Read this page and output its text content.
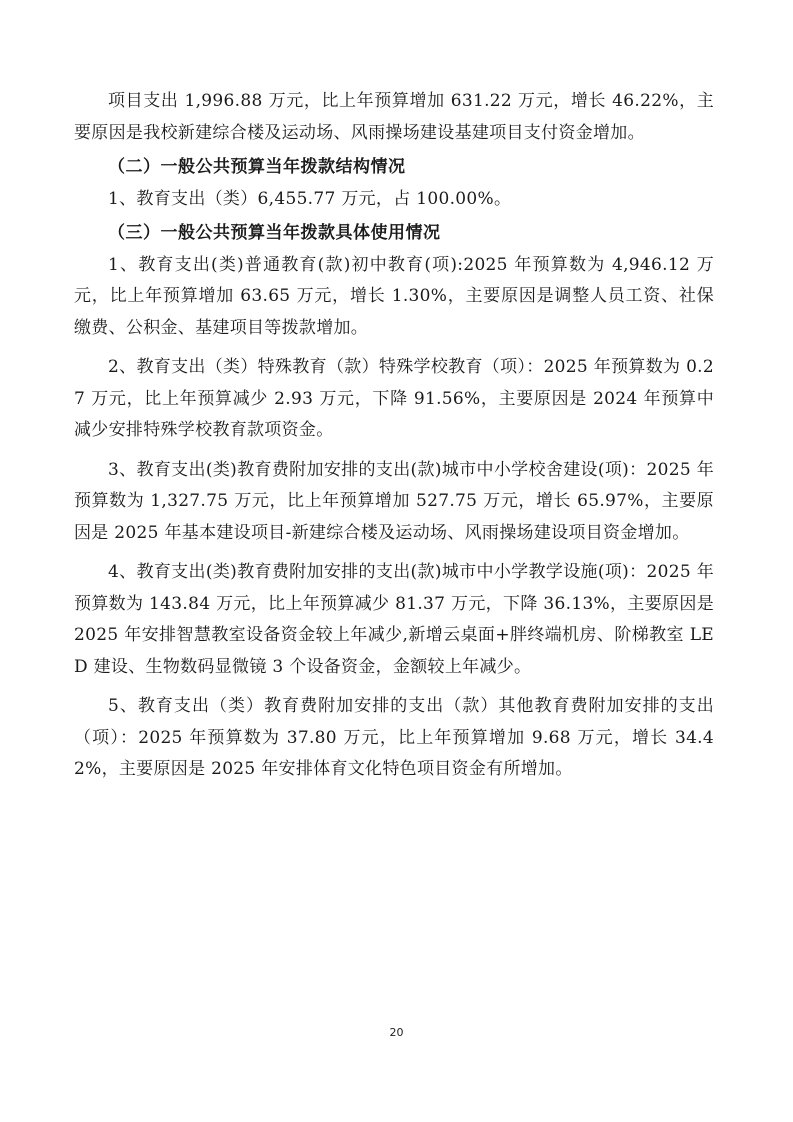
项目支出 1,996.88 万元，比上年预算增加 631.22 万元，增长 46.22%，主要原因是我校新建综合楼及运动场、风雨操场建设基建项目支付资金增加。

（二）一般公共预算当年拨款结构情况

1、教育支出（类）6,455.77 万元，占 100.00%。

（三）一般公共预算当年拨款具体使用情况

1、教育支出(类)普通教育(款)初中教育(项):2025 年预算数为 4,946.12 万元，比上年预算增加 63.65 万元，增长 1.30%，主要原因是调整人员工资、社保缴费、公积金、基建项目等拨款增加。

2、教育支出（类）特殊教育（款）特殊学校教育（项）：2025 年预算数为 0.27 万元，比上年预算减少 2.93 万元，下降 91.56%，主要原因是 2024 年预算中减少安排特殊学校教育款项资金。

3、教育支出(类)教育费附加安排的支出(款)城市中小学校舍建设(项)：2025 年预算数为 1,327.75 万元，比上年预算增加 527.75 万元，增长 65.97%，主要原因是 2025 年基本建设项目-新建综合楼及运动场、风雨操场建设项目资金增加。

4、教育支出(类)教育费附加安排的支出(款)城市中小学教学设施(项)：2025 年预算数为 143.84 万元，比上年预算减少 81.37 万元，下降 36.13%，主要原因是2025 年安排智慧教室设备资金较上年减少,新增云桌面+胖终端机房、阶梯教室 LED 建设、生物数码显微镜 3 个设备资金，金额较上年减少。

5、教育支出（类）教育费附加安排的支出（款）其他教育费附加安排的支出（项）：2025 年预算数为 37.80 万元，比上年预算增加 9.68 万元，增长 34.42%，主要原因是 2025 年安排体育文化特色项目资金有所增加。

20
